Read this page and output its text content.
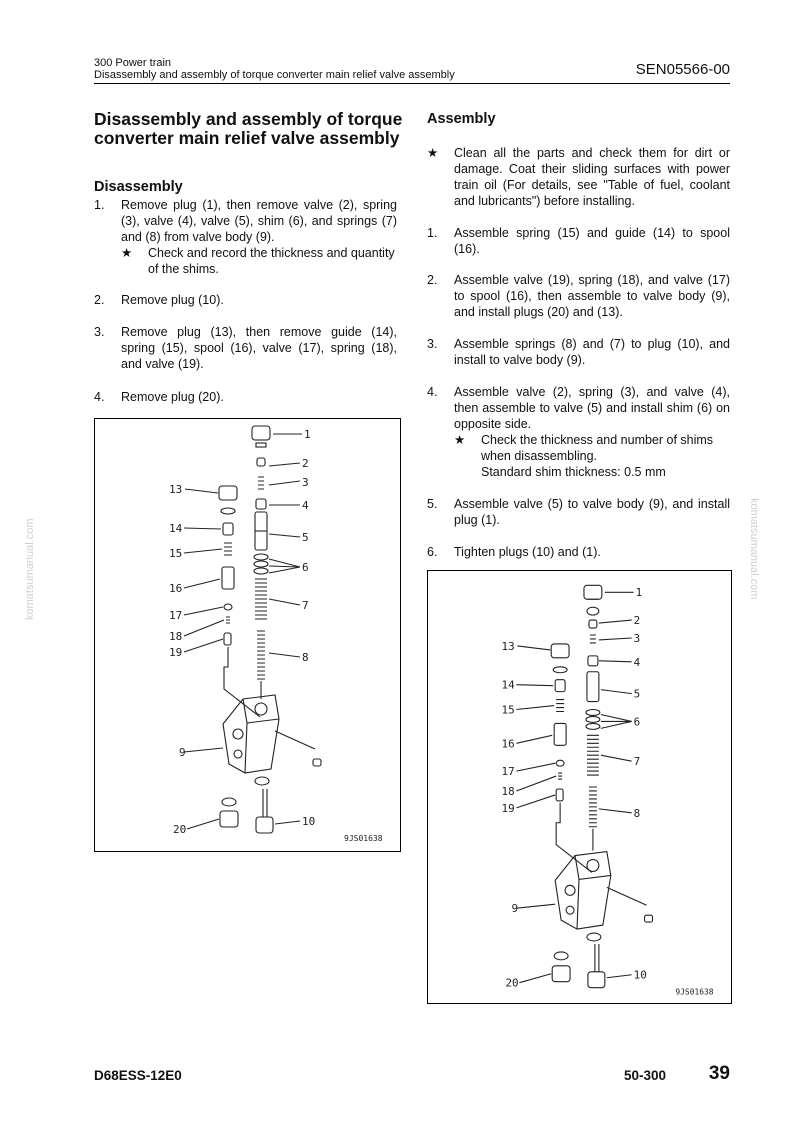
300 Power train
Disassembly and assembly of torque converter main relief valve assembly	SEN05566-00
Disassembly and assembly of torque converter main relief valve assembly
Disassembly
1. Remove plug (1), then remove valve (2), spring (3), valve (4), valve (5), shim (6), and springs (7) and (8) from valve body (9).
★ Check and record the thickness and quantity of the shims.
2. Remove plug (10).
3. Remove plug (13), then remove guide (14), spring (15), spool (16), valve (17), spring (18), and valve (19).
4. Remove plug (20).
1
2
3
4
5
6
7
8
9
10
13
14
15
16
17
18
19
20
9JS01638
Assembly
★ Clean all the parts and check them for dirt or damage. Coat their sliding surfaces with power train oil (For details, see "Table of fuel, coolant and lubricants") before installing.
1. Assemble spring (15) and guide (14) to spool (16).
2. Assemble valve (19), spring (18), and valve (17) to spool (16), then assemble to valve body (9), and install plugs (20) and (13).
3. Assemble springs (8) and (7) to plug (10), and install to valve body (9).
4. Assemble valve (2), spring (3), and valve (4), then assemble to valve (5) and install shim (6) on opposite side.
★ Check the thickness and number of shims when disassembling.
Standard shim thickness: 0.5 mm
5. Assemble valve (5) to valve body (9), and install plug (1).
6. Tighten plugs (10) and (1).
1
2
3
4
5
6
7
8
9
10
13
14
15
16
17
18
19
20
9JS01638
komatsumanual.com	komatsumanual.com
D68ESS-12E0	50-300 39
